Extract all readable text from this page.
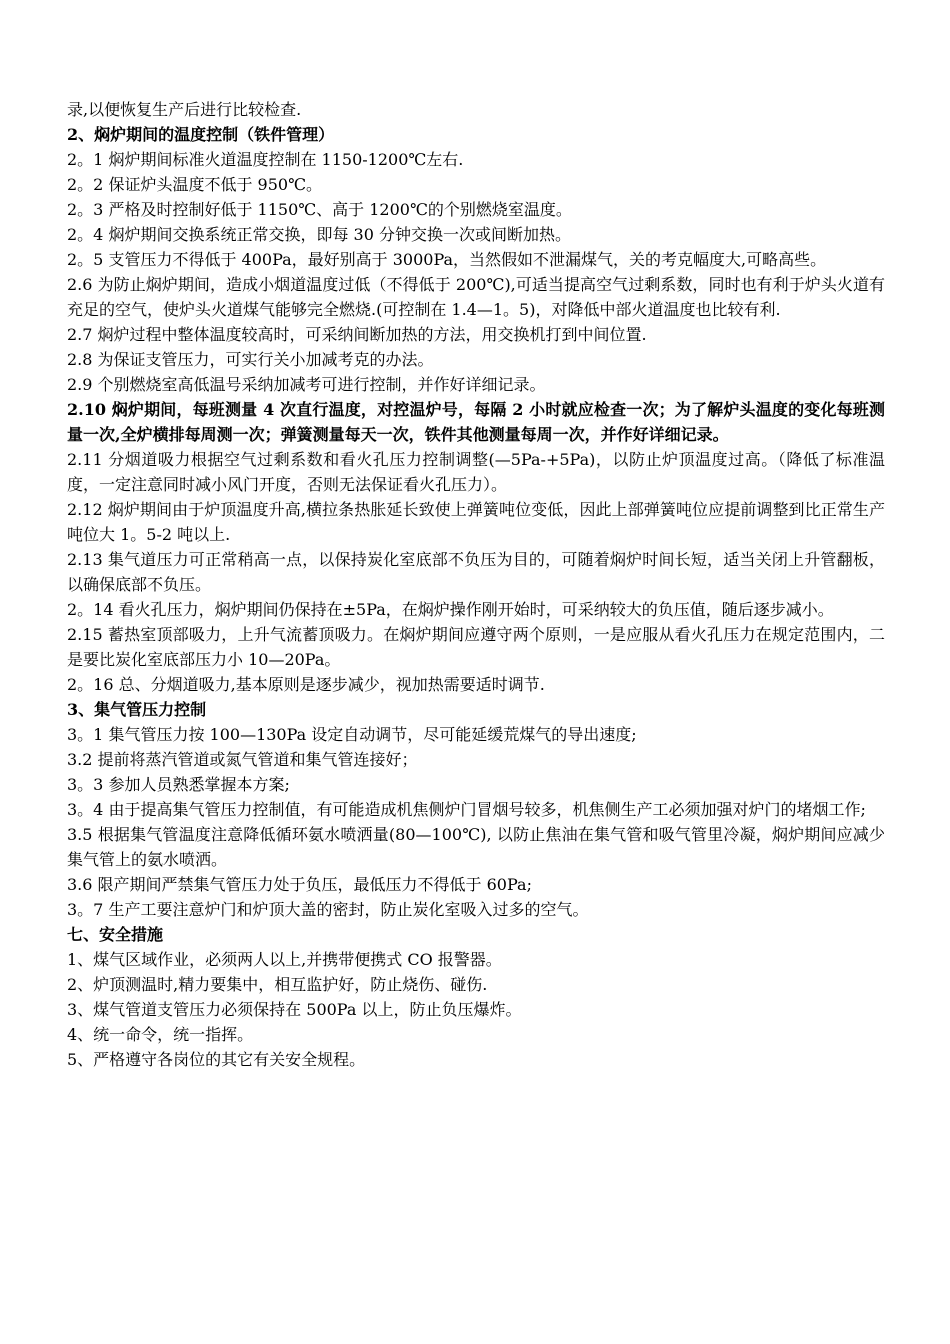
录,以便恢复生产后进行比较检查.

2、焖炉期间的温度控制（铁件管理）

2。1 焖炉期间标准火道温度控制在 1150-1200℃左右.

2。2 保证炉头温度不低于 950℃。

2。3 严格及时控制好低于 1150℃、高于 1200℃的个别燃烧室温度。

2。4 焖炉期间交换系统正常交换，即每 30 分钟交换一次或间断加热。

2。5 支管压力不得低于 400Pa，最好别高于 3000Pa，当然假如不泄漏煤气，关的考克幅度大,可略高些。

2.6 为防止焖炉期间，造成小烟道温度过低（不得低于 200℃),可适当提高空气过剩系数，同时也有利于炉头火道有充足的空气，使炉头火道煤气能够完全燃烧.(可控制在 1.4—1。5)，对降低中部火道温度也比较有利.

2.7 焖炉过程中整体温度较高时，可采纳间断加热的方法，用交换机打到中间位置.

2.8 为保证支管压力，可实行关小加减考克的办法。

2.9 个别燃烧室高低温号采纳加减考可进行控制，并作好详细记录。

2.10 焖炉期间，每班测量 4 次直行温度，对控温炉号，每隔 2 小时就应检查一次；为了解炉头温度的变化每班测量一次,全炉横排每周测一次；弹簧测量每天一次，铁件其他测量每周一次，并作好详细记录。

2.11 分烟道吸力根据空气过剩系数和看火孔压力控制调整(—5Pa-+5Pa)，以防止炉顶温度过高。（降低了标准温度，一定注意同时减小风门开度，否则无法保证看火孔压力）。

2.12 焖炉期间由于炉顶温度升高,横拉条热胀延长致使上弹簧吨位变低，因此上部弹簧吨位应提前调整到比正常生产吨位大 1。5-2 吨以上.

2.13 集气道压力可正常稍高一点，以保持炭化室底部不负压为目的，可随着焖炉时间长短，适当关闭上升管翻板，以确保底部不负压。

2。14 看火孔压力，焖炉期间仍保持在±5Pa，在焖炉操作刚开始时，可采纳较大的负压值，随后逐步减小。

2.15 蓄热室顶部吸力，上升气流蓄顶吸力。在焖炉期间应遵守两个原则，一是应服从看火孔压力在规定范围内，二是要比炭化室底部压力小 10—20Pa。

2。16 总、分烟道吸力,基本原则是逐步减少，视加热需要适时调节.

3、集气管压力控制

3。1 集气管压力按 100—130Pa 设定自动调节，尽可能延缓荒煤气的导出速度;

3.2 提前将蒸汽管道或氮气管道和集气管连接好；

3。3 参加人员熟悉掌握本方案;

3。4 由于提高集气管压力控制值，有可能造成机焦侧炉门冒烟号较多，机焦侧生产工必须加强对炉门的堵烟工作;

3.5 根据集气管温度注意降低循环氨水喷洒量(80—100℃), 以防止焦油在集气管和吸气管里冷凝，焖炉期间应减少集气管上的氨水喷洒。

3.6 限产期间严禁集气管压力处于负压，最低压力不得低于 60Pa;

3。7 生产工要注意炉门和炉顶大盖的密封，防止炭化室吸入过多的空气。

七、安全措施

1、煤气区域作业，必须两人以上,并携带便携式 CO 报警器。

2、炉顶测温时,精力要集中，相互监护好，防止烧伤、碰伤.

3、煤气管道支管压力必须保持在 500Pa 以上，防止负压爆炸。

4、统一命令，统一指挥。

5、严格遵守各岗位的其它有关安全规程。
